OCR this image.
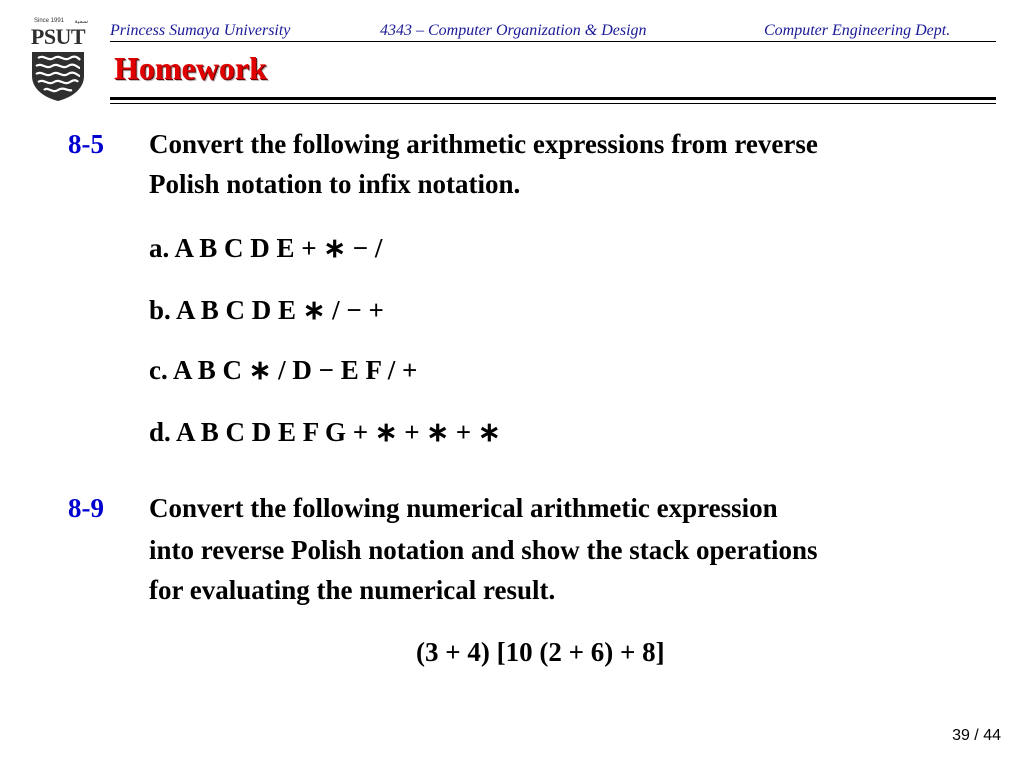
Since 1991 سمية
PSUT	Princess Sumaya University	4343 – Computer Organization & Design	Computer Engineering Dept.
Homework
8-5 Convert the following arithmetic expressions from reverse
Polish notation to infix notation.
a. A B C D E + ∗ − /
b. A B C D E ∗ / − +
c. A B C ∗ / D − E F / +
d. A B C D E F G + ∗ + ∗ + ∗
8-9 Convert the following numerical arithmetic expression
into reverse Polish notation and show the stack operations
for evaluating the numerical result.
(3 + 4) [10 (2 + 6) + 8]
39 / 44
